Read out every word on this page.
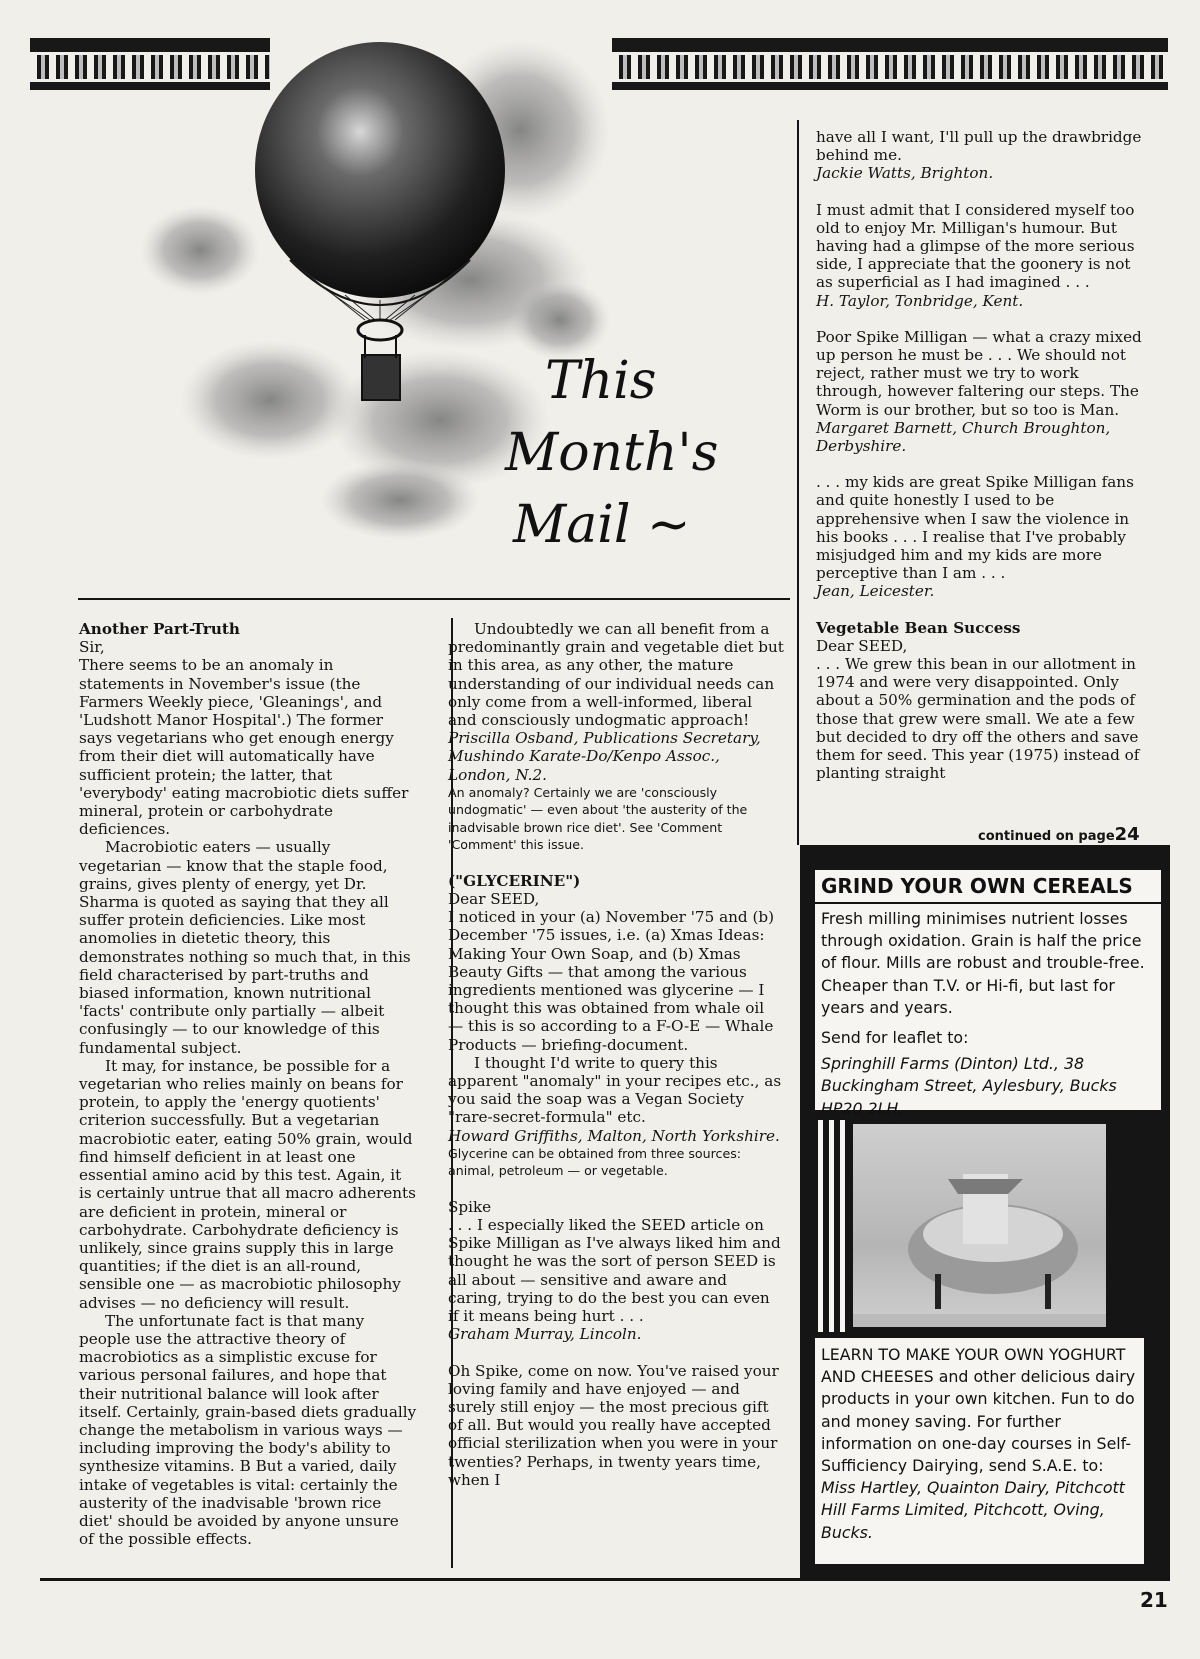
This
Month's
Mail ~

Another Part-Truth

Sir,

There seems to be an anomaly in statements in November's issue (the Farmers Weekly piece, 'Gleanings', and 'Ludshott Manor Hospital'.) The former says vegetarians who get enough energy from their diet will automatically have sufficient protein; the latter, that 'everybody' eating macrobiotic diets suffer mineral, protein or carbohydrate deficiences.

Macrobiotic eaters — usually vegetarian — know that the staple food, grains, gives plenty of energy, yet Dr. Sharma is quoted as saying that they all suffer protein deficiencies. Like most anomolies in dietetic theory, this demonstrates nothing so much that, in this field characterised by part-truths and biased information, known nutritional 'facts' contribute only partially — albeit confusingly — to our knowledge of this fundamental subject.

It may, for instance, be possible for a vegetarian who relies mainly on beans for protein, to apply the 'energy quotients' criterion successfully. But a vegetarian macrobiotic eater, eating 50% grain, would find himself deficient in at least one essential amino acid by this test. Again, it is certainly untrue that all macro adherents are deficient in protein, mineral or carbohydrate. Carbohydrate deficiency is unlikely, since grains supply this in large quantities; if the diet is an all-round, sensible one — as macrobiotic philosophy advises — no deficiency will result.

The unfortunate fact is that many people use the attractive theory of macrobiotics as a simplistic excuse for various personal failures, and hope that their nutritional balance will look after itself. Certainly, grain-based diets gradually change the metabolism in various ways — including improving the body's ability to synthesize vitamins. B But a varied, daily intake of vegetables is vital: certainly the austerity of the inadvisable 'brown rice diet' should be avoided by anyone unsure of the possible effects.

Undoubtedly we can all benefit from a predominantly grain and vegetable diet but in this area, as any other, the mature understanding of our individual needs can only come from a well-informed, liberal and consciously undogmatic approach!

Priscilla Osband, Publications Secretary, Mushindo Karate-Do/Kenpo Assoc., London, N.2.

An anomaly? Certainly we are 'consciously undogmatic' — even about 'the austerity of the inadvisable brown rice diet'. See 'Comment 'Comment' this issue.

("GLYCERINE")

Dear SEED,

I noticed in your (a) November '75 and (b) December '75 issues, i.e. (a) Xmas Ideas: Making Your Own Soap, and (b) Xmas Beauty Gifts — that among the various ingredients mentioned was glycerine — I thought this was obtained from whale oil — this is so according to a F-O-E — Whale Products — briefing-document.

I thought I'd write to query this apparent "anomaly" in your recipes etc., as you said the soap was a Vegan Society "rare-secret-formula" etc.

Howard Griffiths, Malton, North Yorkshire.

Glycerine can be obtained from three sources: animal, petroleum — or vegetable.

Spike

. . . I especially liked the SEED article on Spike Milligan as I've always liked him and thought he was the sort of person SEED is all about — sensitive and aware and caring, trying to do the best you can even if it means being hurt . . .

Graham Murray, Lincoln.

Oh Spike, come on now. You've raised your loving family and have enjoyed — and surely still enjoy — the most precious gift of all. But would you really have accepted official sterilization when you were in your twenties? Perhaps, in twenty years time, when I

have all I want, I'll pull up the drawbridge behind me.

Jackie Watts, Brighton.

I must admit that I considered myself too old to enjoy Mr. Milligan's humour. But having had a glimpse of the more serious side, I appreciate that the goonery is not as superficial as I had imagined . . .

H. Taylor, Tonbridge, Kent.

Poor Spike Milligan — what a crazy mixed up person he must be . . . We should not reject, rather must we try to work through, however faltering our steps. The Worm is our brother, but so too is Man.

Margaret Barnett, Church Broughton, Derbyshire.

. . . my kids are great Spike Milligan fans and quite honestly I used to be apprehensive when I saw the violence in his books . . . I realise that I've probably misjudged him and my kids are more perceptive than I am . . .

Jean, Leicester.

Vegetable Bean Success

Dear SEED,

. . . We grew this bean in our allotment in 1974 and were very disappointed. Only about a 50% germination and the pods of those that grew were small. We ate a few but decided to dry off the others and save them for seed. This year (1975) instead of planting straight

continued on page24
GRIND YOUR OWN CEREALS
Fresh milling minimises nutrient losses through oxidation. Grain is half the price of flour. Mills are robust and trouble-free. Cheaper than T.V. or Hi-fi, but last for years and years.
Send for leaflet to:
Springhill Farms (Dinton) Ltd., 38 Buckingham Street, Aylesbury, Bucks HP20 2LH.
LEARN TO MAKE YOUR OWN YOGHURT AND CHEESES and other delicious dairy products in your own kitchen. Fun to do and money saving. For further information on one-day courses in Self-Sufficiency Dairying, send S.A.E. to: Miss Hartley, Quainton Dairy, Pitchcott Hill Farms Limited, Pitchcott, Oving, Bucks.
21
